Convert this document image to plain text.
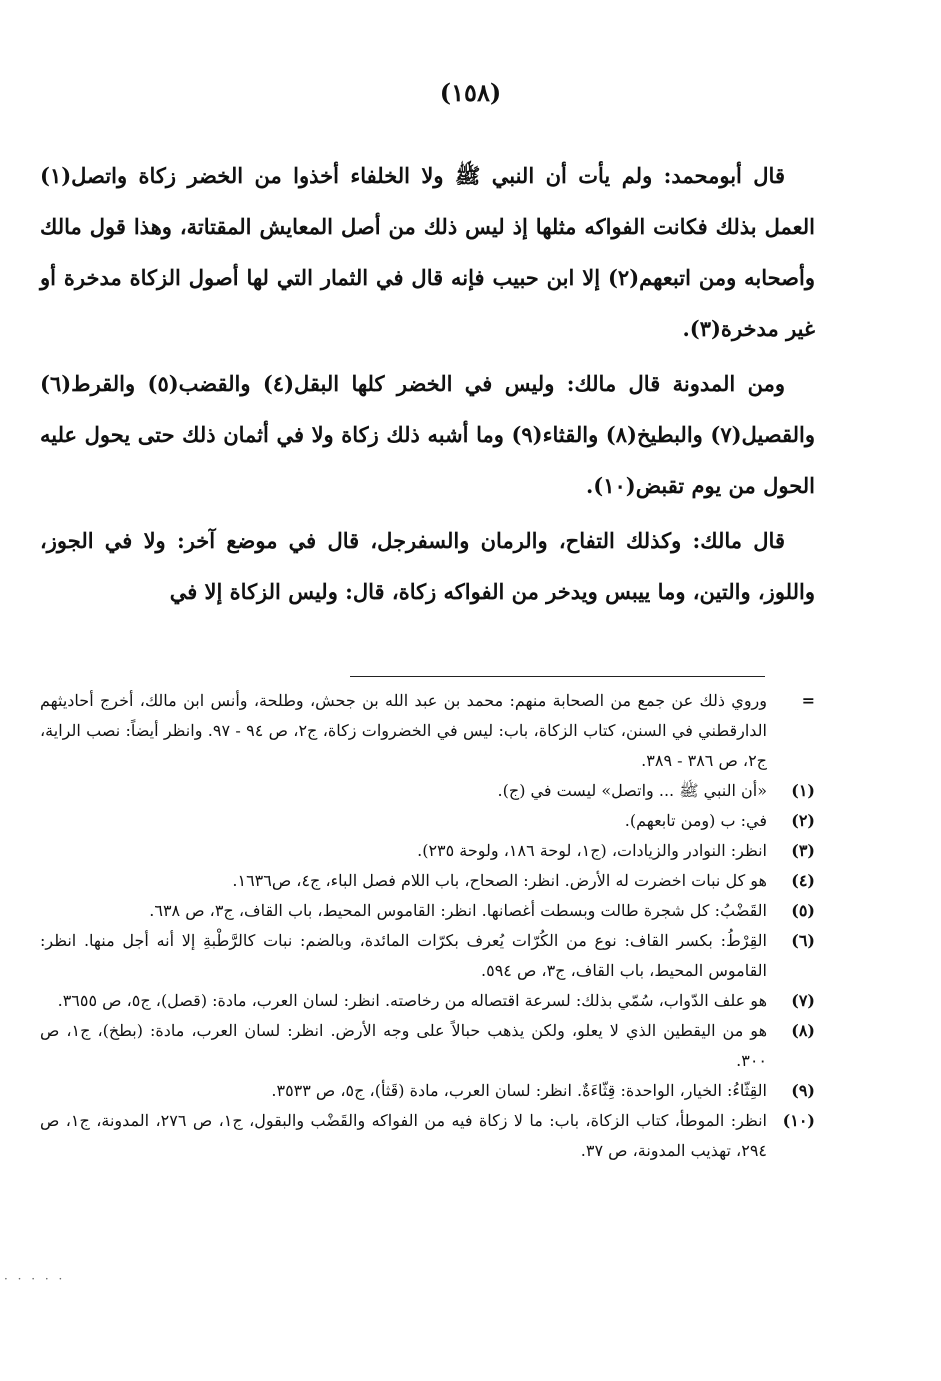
(١٥٨)

قال أبومحمد: ولم يأت أن النبي ﷺ ولا الخلفاء أخذوا من الخضر زكاة واتصل(١) العمل بذلك فكانت الفواكه مثلها إذ ليس ذلك من أصل المعايش المقتاتة، وهذا قول مالك وأصحابه ومن اتبعهم(٢) إلا ابن حبيب فإنه قال في الثمار التي لها أصول الزكاة مدخرة أو غير مدخرة(٣).

ومن المدونة قال مالك: وليس في الخضر كلها البقل(٤) والقضب(٥) والقرط(٦) والقصيل(٧) والبطيخ(٨) والقثاء(٩) وما أشبه ذلك زكاة ولا في أثمان ذلك حتى يحول عليه الحول من يوم تقبض(١٠).

قال مالك: وكذلك التفاح، والرمان والسفرجل، قال في موضع آخر: ولا في الجوز، واللوز، والتين، وما ييبس ويدخر من الفواكه زكاة، قال: وليس الزكاة إلا في

=
وروي ذلك عن جمع من الصحابة منهم: محمد بن عبد الله بن جحش، وطلحة، وأنس ابن مالك، أخرج أحاديثهم الدارقطني في السنن، كتاب الزكاة، باب: ليس في الخضروات زكاة، ج٢، ص ٩٤ - ٩٧. وانظر أيضاً: نصب الراية، ج٢، ص ٣٨٦ - ٣٨٩.
(١)
«أن النبي ﷺ ... واتصل» ليست في (ج).
(٢)
في: ب (ومن تابعهم).
(٣)
انظر: النوادر والزيادات، (ج١، لوحة ١٨٦، ولوحة ٢٣٥).
(٤)
هو كل نبات اخضرت له الأرض. انظر: الصحاح، باب اللام فصل الباء، ج٤، ص١٦٣٦.
(٥)
القَضْبُ: كل شجرة طالت وبسطت أغصانها. انظر: القاموس المحيط، باب القاف، ج٣، ص ٦٣٨.
(٦)
القِرْطُ: بكسر القاف: نوع من الكُرّات يُعرف بكرّات المائدة، وبالضم: نبات كالرَّطْبةِ إلا أنه أجل منها. انظر: القاموس المحيط، باب القاف، ج٣، ص ٥٩٤.
(٧)
هو علف الدّواب، سُمّي بذلك: لسرعة اقتصاله من رخاصته. انظر: لسان العرب، مادة: (قصل)، ج٥، ص ٣٦٥٥.
(٨)
هو من اليقطين الذي لا يعلو، ولكن يذهب حبالاً على وجه الأرض. انظر: لسان العرب، مادة: (بطخ)، ج١، ص ٣٠٠.
(٩)
القِثّاءُ: الخيار، الواحدة: قِثّاءَةٌ. انظر: لسان العرب، مادة (قَثأ)، ج٥، ص ٣٥٣٣.
(١٠)
انظر: الموطأ، كتاب الزكاة، باب: ما لا زكاة فيه من الفواكه والقَضْب والبقول، ج١، ص ٢٧٦، المدونة، ج١، ص ٢٩٤، تهذيب المدونة، ص ٣٧.
· · · · ·
